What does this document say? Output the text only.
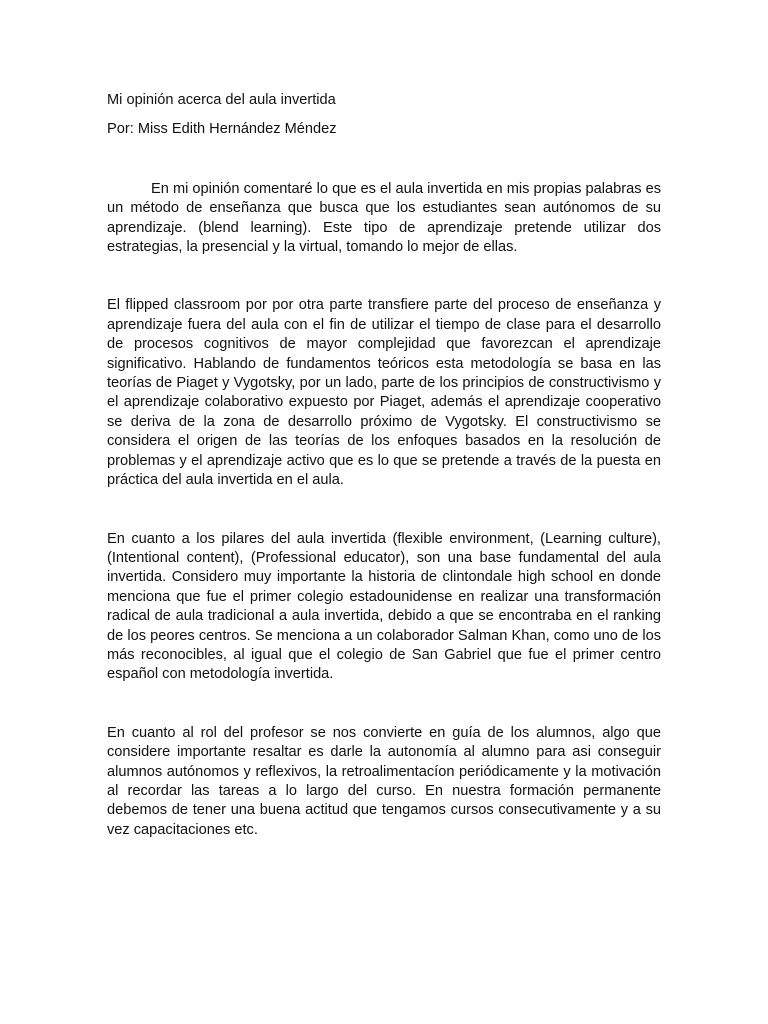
Mi opinión acerca del aula invertida

Por: Miss Edith Hernández Méndez

En mi opinión comentaré lo que es el aula invertida en mis propias palabras es un método de enseñanza que busca que los estudiantes sean autónomos de su aprendizaje. (blend learning). Este tipo de aprendizaje pretende utilizar dos estrategias, la presencial y la virtual, tomando lo mejor de ellas.

El flipped classroom por por otra parte transfiere parte del proceso de enseñanza y aprendizaje fuera del aula con el fin de utilizar el tiempo de clase para el desarrollo de procesos cognitivos de mayor complejidad que favorezcan el aprendizaje significativo. Hablando de fundamentos teóricos esta metodología se basa en las teorías de Piaget y Vygotsky, por un lado, parte de los principios de constructivismo y el aprendizaje colaborativo expuesto por Piaget, además el aprendizaje cooperativo se deriva de la zona de desarrollo próximo de Vygotsky. El constructivismo se considera el origen de las teorías de los enfoques basados en la resolución de problemas y el aprendizaje activo que es lo que se pretende a través de la puesta en práctica del aula invertida en el aula.

En cuanto a los pilares del aula invertida (flexible environment, (Learning culture), (Intentional content), (Professional educator), son una base fundamental del aula invertida. Considero muy importante la historia de clintondale high school en donde menciona que fue el primer colegio estadounidense en realizar una transformación radical de aula tradicional a aula invertida, debido a que se encontraba en el ranking de los peores centros. Se menciona a un colaborador Salman Khan, como uno de los más reconocibles, al igual que el colegio de San Gabriel que fue el primer centro español con metodología invertida.

En cuanto al rol del profesor se nos convierte en guía de los alumnos, algo que considere importante resaltar es darle la autonomía al alumno para asi conseguir alumnos autónomos y reflexivos, la retroalimentacíon periódicamente y la motivación al recordar las tareas a lo largo del curso. En nuestra formación permanente debemos de tener una buena actitud que tengamos cursos consecutivamente y a su vez capacitaciones etc.
